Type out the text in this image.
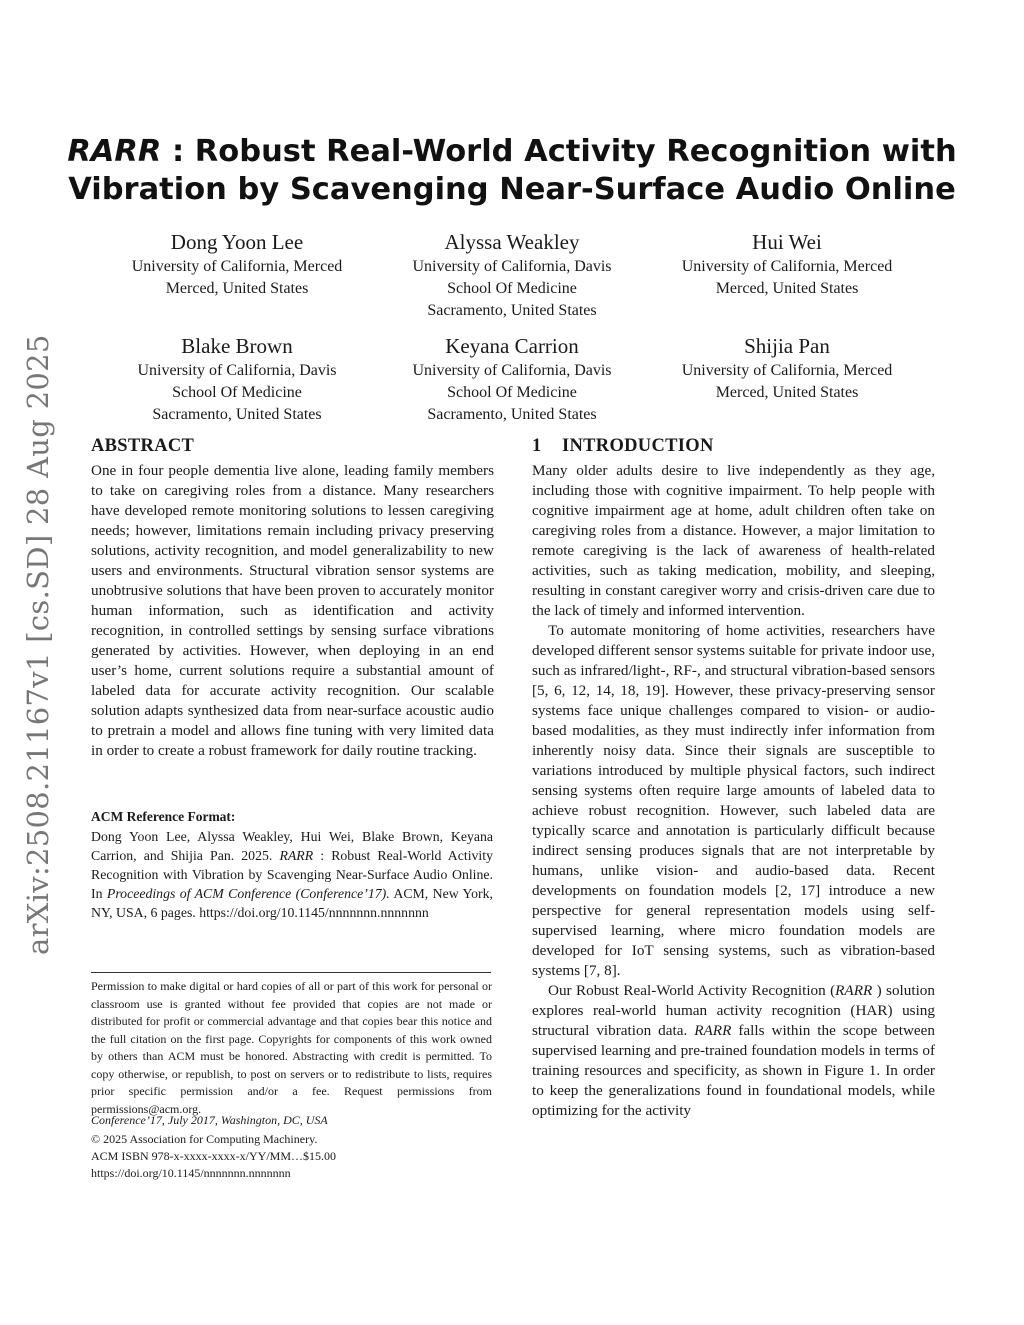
arXiv:2508.21167v1 [cs.SD] 28 Aug 2025
RARR : Robust Real-World Activity Recognition with
Vibration by Scavenging Near-Surface Audio Online
Dong Yoon Lee
University of California, Merced
Merced, United States
Alyssa Weakley
University of California, Davis
School Of Medicine
Sacramento, United States
Hui Wei
University of California, Merced
Merced, United States
Blake Brown
University of California, Davis
School Of Medicine
Sacramento, United States
Keyana Carrion
University of California, Davis
School Of Medicine
Sacramento, United States
Shijia Pan
University of California, Merced
Merced, United States
ABSTRACT

One in four people dementia live alone, leading family members to take on caregiving roles from a distance. Many researchers have developed remote monitoring solutions to lessen caregiving needs; however, limitations remain including privacy preserving solutions, activity recognition, and model generalizability to new users and environments. Structural vibration sensor systems are unobtrusive solutions that have been proven to accurately monitor human information, such as identification and activity recognition, in controlled settings by sensing surface vibrations generated by activities. However, when deploying in an end user’s home, current solutions require a substantial amount of labeled data for accurate activity recognition. Our scalable solution adapts synthesized data from near-surface acoustic audio to pretrain a model and allows fine tuning with very limited data in order to create a robust framework for daily routine tracking.

ACM Reference Format:
Dong Yoon Lee, Alyssa Weakley, Hui Wei, Blake Brown, Keyana Carrion, and Shijia Pan. 2025. RARR : Robust Real-World Activity Recognition with Vibration by Scavenging Near-Surface Audio Online. In Proceedings of ACM Conference (Conference’17). ACM, New York, NY, USA, 6 pages. https://doi.org/10.1145/nnnnnnn.nnnnnnn
Permission to make digital or hard copies of all or part of this work for personal or classroom use is granted without fee provided that copies are not made or distributed for profit or commercial advantage and that copies bear this notice and the full citation on the first page. Copyrights for components of this work owned by others than ACM must be honored. Abstracting with credit is permitted. To copy otherwise, or republish, to post on servers or to redistribute to lists, requires prior specific permission and/or a fee. Request permissions from permissions@acm.org.
Conference’17, July 2017, Washington, DC, USA
© 2025 Association for Computing Machinery.
ACM ISBN 978-x-xxxx-xxxx-x/YY/MM…$15.00
https://doi.org/10.1145/nnnnnnn.nnnnnnn
1 INTRODUCTION

Many older adults desire to live independently as they age, including those with cognitive impairment. To help people with cognitive impairment age at home, adult children often take on caregiving roles from a distance. However, a major limitation to remote caregiving is the lack of awareness of health-related activities, such as taking medication, mobility, and sleeping, resulting in constant caregiver worry and crisis-driven care due to the lack of timely and informed intervention.

To automate monitoring of home activities, researchers have developed different sensor systems suitable for private indoor use, such as infrared/light-, RF-, and structural vibration-based sensors [5, 6, 12, 14, 18, 19]. However, these privacy-preserving sensor systems face unique challenges compared to vision- or audio-based modalities, as they must indirectly infer information from inherently noisy data. Since their signals are susceptible to variations introduced by multiple physical factors, such indirect sensing systems often require large amounts of labeled data to achieve robust recognition. However, such labeled data are typically scarce and annotation is particularly difficult because indirect sensing produces signals that are not interpretable by humans, unlike vision- and audio-based data. Recent developments on foundation models [2, 17] introduce a new perspective for general representation models using self-supervised learning, where micro foundation models are developed for IoT sensing systems, such as vibration-based systems [7, 8].

Our Robust Real-World Activity Recognition (RARR ) solution explores real-world human activity recognition (HAR) using structural vibration data. RARR falls within the scope between supervised learning and pre-trained foundation models in terms of training resources and specificity, as shown in Figure 1. In order to keep the generalizations found in foundational models, while optimizing for the activity
